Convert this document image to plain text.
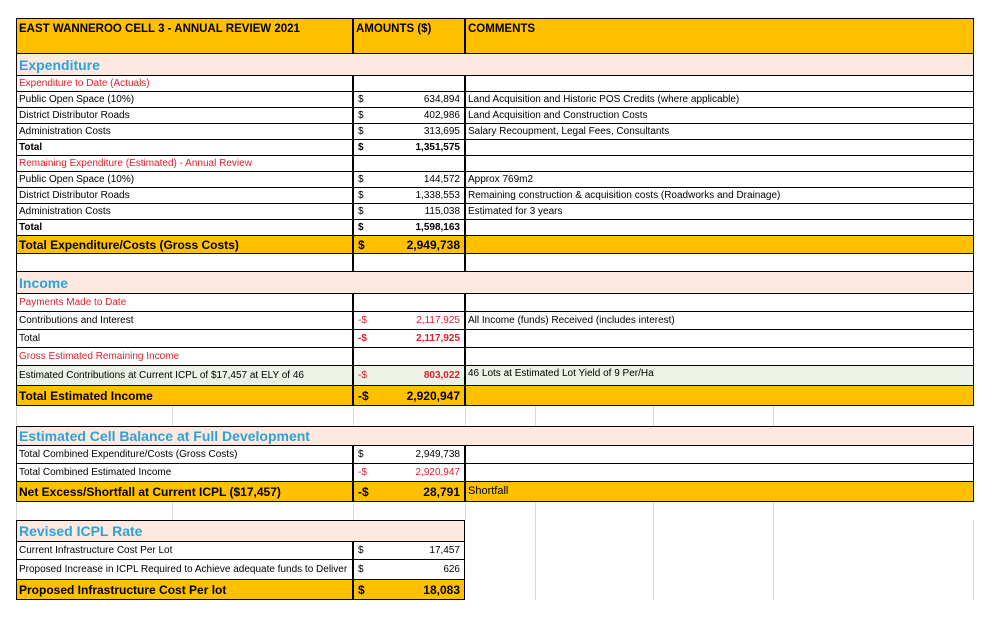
EAST WANNEROO CELL 3 - ANNUAL REVIEW 2021	AMOUNTS ($)	COMMENTS
Expenditure
Expenditure to Date (Actuals)
Public Open Space (10%)	$	634,894 Land Acquisition and Historic POS Credits (where applicable)
District Distributor Roads	$	402,986 Land Acquisition and Construction Costs
Administration Costs	$	313,695 Salary Recoupment, Legal Fees, Consultants
Total	$	1,351,575
Remaining Expenditure (Estimated) - Annual Review
Public Open Space (10%)	$	144,572 Approx 769m2
District Distributor Roads	$	1,338,553 Remaining construction & acquisition costs (Roadworks and Drainage)
Administration Costs	$	115,038 Estimated for 3 years
Total	$	1,598,163
Total Expenditure/Costs (Gross Costs)	$	2,949,738
Income
Payments Made to Date
Contributions and Interest	-$	2,117,925 All Income (funds) Received (includes interest)
Total	-$	2,117,925
Gross Estimated Remaining Income
Estimated Contributions at Current ICPL of $17,457 at ELY of 46	-$	803,022 46 Lots at Estimated Lot Yield of 9 Per/Ha
Total Estimated Income	-$	2,920,947
Estimated Cell Balance at Full Development
Total Combined Expenditure/Costs (Gross Costs)	$	2,949,738
Total Combined Estimated Income	-$	2,920,947
Net Excess/Shortfall at Current ICPL ($17,457)	-$	28,791 Shortfall
Revised ICPL Rate
Current Infrastructure Cost Per Lot	$	17,457
Proposed Increase in ICPL Required to Achieve adequate funds to Deliver	$	626
Proposed Infrastructure Cost Per lot	$	18,083
